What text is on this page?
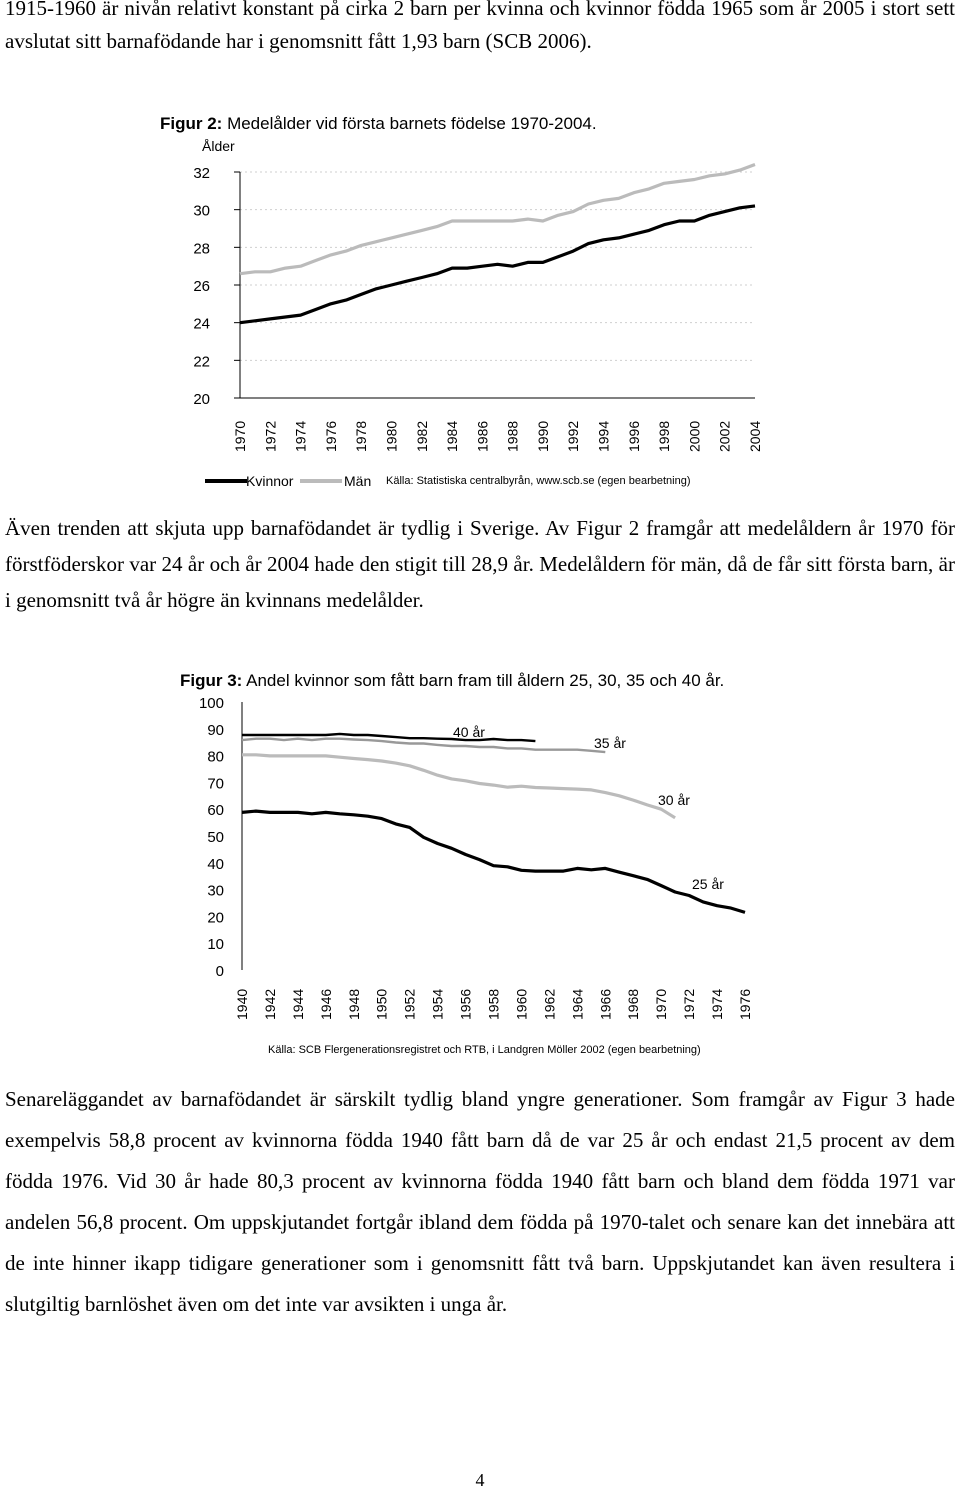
1915-1960 är nivån relativt konstant på cirka 2 barn per kvinna och kvinnor födda 1965 som år 2005 i stort sett avslutat sitt barnafödande har i genomsnitt fått 1,93 barn (SCB 2006).

Figur 2: Medelålder vid första barnets födelse 1970-2004.

20
22
24
26
28
30
32
Ålder
1970 1972 1974 1976 1978 1980 1982 1984 1986 1988 1990 1992 1994 1996 1998 2000 2002 2004
Kvinnor	Män Källa: Statistiska centralbyrån, www.scb.se (egen bearbetning)

Även trenden att skjuta upp barnafödandet är tydlig i Sverige. Av Figur 2 framgår att medelåldern år 1970 för förstföderskor var 24 år och år 2004 hade den stigit till 28,9 år. Medelåldern för män, då de får sitt första barn, är i genomsnitt två år högre än kvinnans medelålder.

Figur 3: Andel kvinnor som fått barn fram till åldern 25, 30, 35 och 40 år.

0
10
20
30
40
50
60
70
80
90
100
1940 1942 1944 1946 1948 1950 1952 1954 1956 1958 1960 1962 1964 1966 1968 1970 1972 1974 1976
40 år
35 år
30 år
25 år
Källa: SCB Flergenerationsregistret och RTB, i Landgren Möller 2002 (egen bearbetning)

Senareläggandet av barnafödandet är särskilt tydlig bland yngre generationer. Som framgår av Figur 3 hade exempelvis 58,8 procent av kvinnorna födda 1940 fått barn då de var 25 år och endast 21,5 procent av dem födda 1976. Vid 30 år hade 80,3 procent av kvinnorna födda 1940 fått barn och bland dem födda 1971 var andelen 56,8 procent. Om uppskjutandet fortgår ibland dem födda på 1970-talet och senare kan det innebära att de inte hinner ikapp tidigare generationer som i genomsnitt fått två barn. Uppskjutandet kan även resultera i slutgiltig barnlöshet även om det inte var avsikten i unga år.

4
